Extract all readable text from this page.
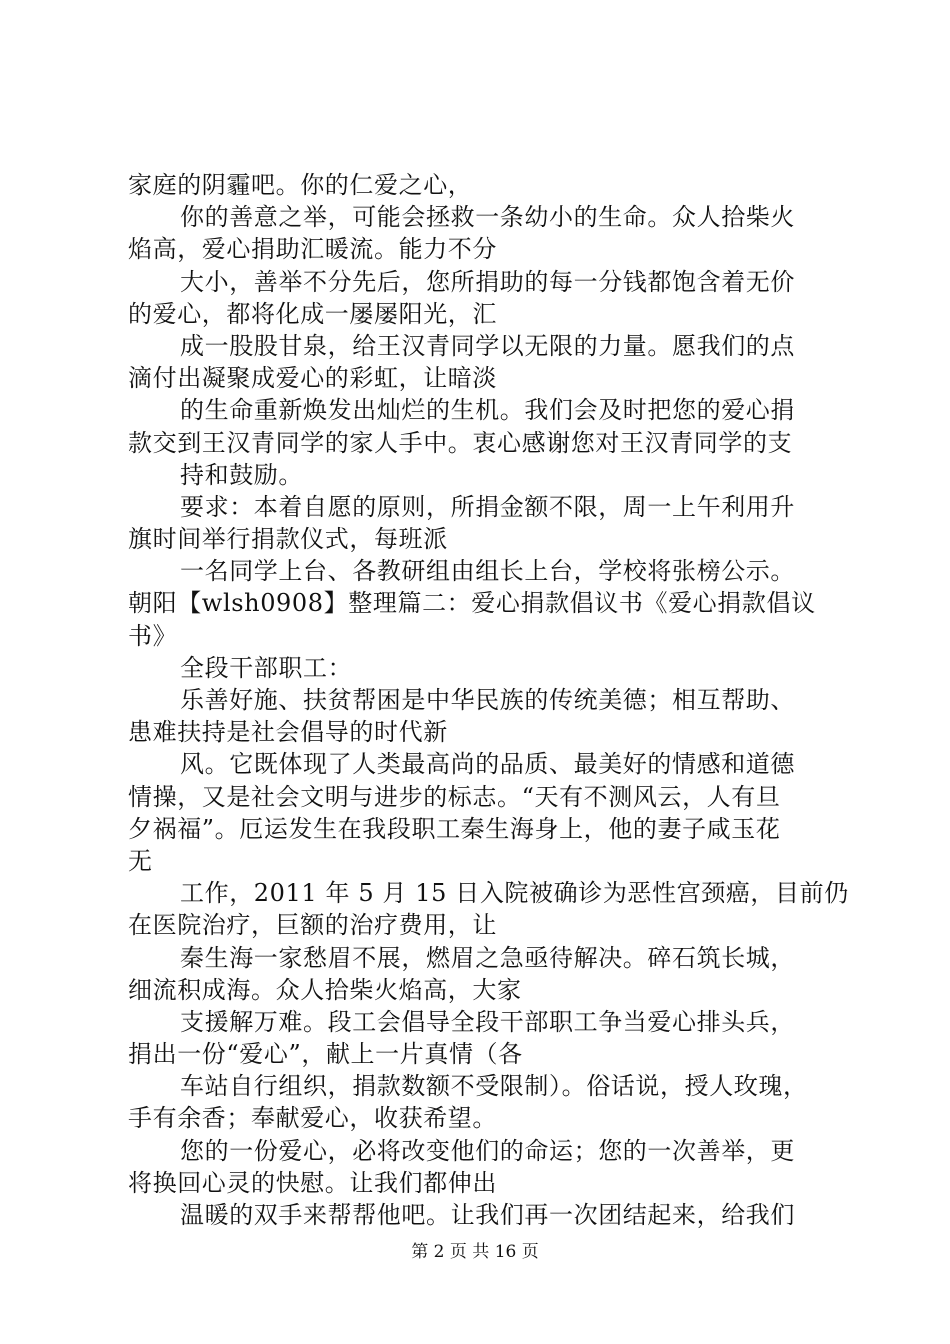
家庭的阴霾吧。你的仁爱之心，
你的善意之举，可能会拯救一条幼小的生命。众人拾柴火
焰高，爱心捐助汇暖流。能力不分
大小，善举不分先后，您所捐助的每一分钱都饱含着无价
的爱心，都将化成一屡屡阳光，汇
成一股股甘泉，给王汉青同学以无限的力量。愿我们的点
滴付出凝聚成爱心的彩虹，让暗淡
的生命重新焕发出灿烂的生机。我们会及时把您的爱心捐
款交到王汉青同学的家人手中。衷心感谢您对王汉青同学的支
持和鼓励。
要求：本着自愿的原则，所捐金额不限，周一上午利用升
旗时间举行捐款仪式，每班派
一名同学上台、各教研组由组长上台，学校将张榜公示。
朝阳【wlsh0908】整理篇二：爱心捐款倡议书《爱心捐款倡议
书》
全段干部职工：
乐善好施、扶贫帮困是中华民族的传统美德；相互帮助、
患难扶持是社会倡导的时代新
风。它既体现了人类最高尚的品质、最美好的情感和道德
情操，又是社会文明与进步的标志。“天有不测风云，人有旦
夕祸福”。厄运发生在我段职工秦生海身上，他的妻子咸玉花
无
工作，2011 年 5 月 15 日入院被确诊为恶性宫颈癌，目前仍
在医院治疗，巨额的治疗费用，让
秦生海一家愁眉不展，燃眉之急亟待解决。碎石筑长城，
细流积成海。众人拾柴火焰高，大家
支援解万难。段工会倡导全段干部职工争当爱心排头兵，
捐出一份“爱心”，献上一片真情（各
车站自行组织，捐款数额不受限制）。俗话说，授人玫瑰，
手有余香；奉献爱心，收获希望。
您的一份爱心，必将改变他们的命运；您的一次善举，更
将换回心灵的快慰。让我们都伸出
温暖的双手来帮帮他吧。让我们再一次团结起来，给我们
第 2 页 共 16 页
